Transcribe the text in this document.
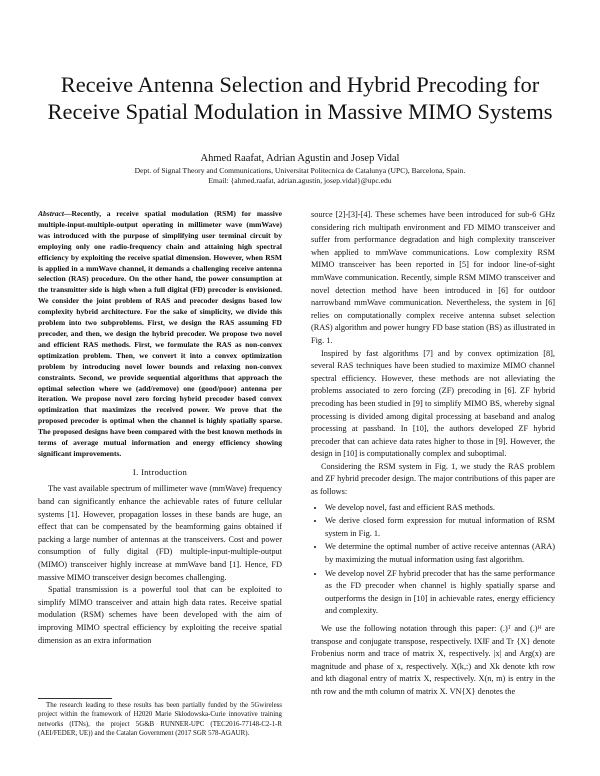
Receive Antenna Selection and Hybrid Precoding for Receive Spatial Modulation in Massive MIMO Systems
Ahmed Raafat, Adrian Agustin and Josep Vidal
Dept. of Signal Theory and Communications, Universitat Politecnica de Catalunya (UPC), Barcelona, Spain.
Email: {ahmed.raafat, adrian.agustin, josep.vidal}@upc.edu

Abstract—Recently, a receive spatial modulation (RSM) for massive multiple-input-multiple-output operating in millimeter wave (mmWave) was introduced with the purpose of simplifying user terminal circuit by employing only one radio-frequency chain and attaining high spectral efficiency by exploiting the receive spatial dimension. However, when RSM is applied in a mmWave channel, it demands a challenging receive antenna selection (RAS) procedure. On the other hand, the power consumption at the transmitter side is high when a full digital (FD) precoder is envisioned. We consider the joint problem of RAS and precoder designs based low complexity hybrid architecture. For the sake of simplicity, we divide this problem into two subproblems. First, we design the RAS assuming FD precoder, and then, we design the hybrid precoder. We propose two novel and efficient RAS methods. First, we formulate the RAS as non-convex optimization problem. Then, we convert it into a convex optimization problem by introducing novel lower bounds and relaxing non-convex constraints. Second, we provide sequential algorithms that approach the optimal selection where we (add/remove) one (good/poor) antenna per iteration. We propose novel zero forcing hybrid precoder based convex optimization that maximizes the received power. We prove that the proposed precoder is optimal when the channel is highly spatially sparse. The proposed designs have been compared with the best known methods in terms of average mutual information and energy efficiency showing significant improvements.

I. Introduction

The vast available spectrum of millimeter wave (mmWave) frequency band can significantly enhance the achievable rates of future cellular systems [1]. However, propagation losses in these bands are huge, an effect that can be compensated by the beamforming gains obtained if packing a large number of antennas at the transceivers. Cost and power consumption of fully digital (FD) multiple-input-multiple-output (MIMO) transceiver highly increase at mmWave band [1]. Hence, FD massive MIMO transceiver design becomes challenging.

Spatial transmission is a powerful tool that can be exploited to simplify MIMO transceiver and attain high data rates. Receive spatial modulation (RSM) schemes have been developed with the aim of improving MIMO spectral efficiency by exploiting the receive spatial dimension as an extra information

The research leading to these results has been partially funded by the 5Gwireless project within the framework of H2020 Marie Skłodowska-Curie innovative training networks (ITNs), the project 5G&B RUNNER-UPC (TEC2016-77148-C2-1-R (AEI/FEDER, UE)) and the Catalan Government (2017 SGR 578-AGAUR).

source [2]-[3]-[4]. These schemes have been introduced for sub-6 GHz considering rich multipath environment and FD MIMO transceiver and suffer from performance degradation and high complexity transceiver when applied to mmWave communications. Low complexity RSM MIMO transceiver has been reported in [5] for indoor line-of-sight mmWave communication. Recently, simple RSM MIMO transceiver and novel detection method have been introduced in [6] for outdoor narrowband mmWave communication. Nevertheless, the system in [6] relies on computationally complex receive antenna subset selection (RAS) algorithm and power hungry FD base station (BS) as illustrated in Fig. 1.

Inspired by fast algorithms [7] and by convex optimization [8], several RAS techniques have been studied to maximize MIMO channel spectral efficiency. However, these methods are not alleviating the problems associated to zero forcing (ZF) precoding in [6]. ZF hybrid precoding has been studied in [9] to simplify MIMO BS, whereby signal processing is divided among digital processing at baseband and analog processing at passband. In [10], the authors developed ZF hybrid precoder that can achieve data rates higher to those in [9]. However, the design in [10] is computationally complex and suboptimal.

Considering the RSM system in Fig. 1, we study the RAS problem and ZF hybrid precoder design. The major contributions of this paper are as follows:

• We develop novel, fast and efficient RAS methods.
• We derive closed form expression for mutual information of RSM system in Fig. 1.
• We determine the optimal number of active receive antennas (ARA) by maximizing the mutual information using fast algorithm.
• We develop novel ZF hybrid precoder that has the same performance as the FD precoder when channel is highly spatially sparse and outperforms the design in [10] in achievable rates, energy efficiency and complexity.

We use the following notation through this paper: (.)ᵀ and (.)ᴴ are transpose and conjugate transpose, respectively. ‖X‖F and Tr {X} denote Frobenius norm and trace of matrix X, respectively. |x| and Arg(x) are magnitude and phase of x, respectively. X(k,:) and Xk denote kth row and kth diagonal entry of matrix X, respectively. X(n, m) is entry in the nth row and the mth column of matrix X. VN{X} denotes the
